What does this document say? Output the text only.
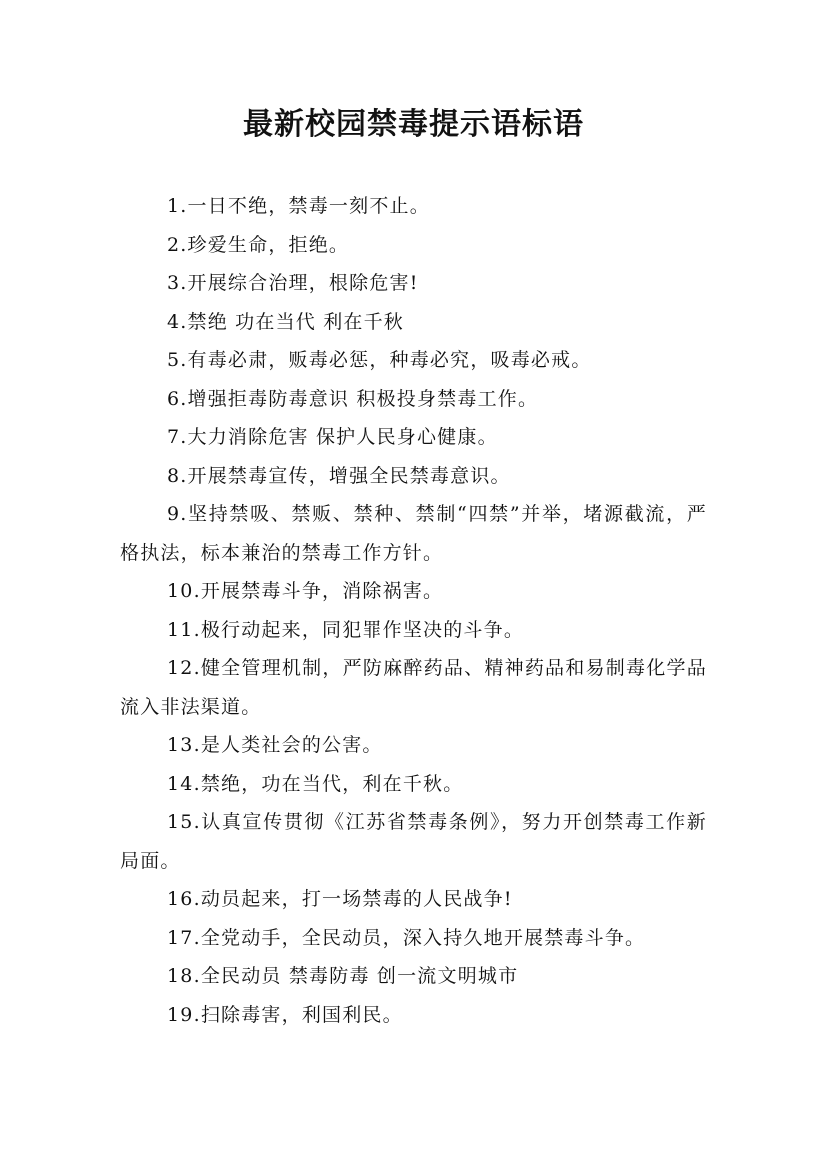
最新校园禁毒提示语标语

1.一日不绝，禁毒一刻不止。

2.珍爱生命，拒绝。

3.开展综合治理，根除危害!

4.禁绝 功在当代 利在千秋

5.有毒必肃，贩毒必惩，种毒必究，吸毒必戒。

6.增强拒毒防毒意识 积极投身禁毒工作。

7.大力消除危害 保护人民身心健康。

8.开展禁毒宣传，增强全民禁毒意识。

9.坚持禁吸、禁贩、禁种、禁制“四禁”并举，堵源截流，严格执法，标本兼治的禁毒工作方针。

10.开展禁毒斗争，消除祸害。

11.极行动起来，同犯罪作坚决的斗争。

12.健全管理机制，严防麻醉药品、精神药品和易制毒化学品流入非法渠道。

13.是人类社会的公害。

14.禁绝，功在当代，利在千秋。

15.认真宣传贯彻《江苏省禁毒条例》，努力开创禁毒工作新局面。

16.动员起来，打一场禁毒的人民战争!

17.全党动手，全民动员，深入持久地开展禁毒斗争。

18.全民动员 禁毒防毒 创一流文明城市

19.扫除毒害，利国利民。
